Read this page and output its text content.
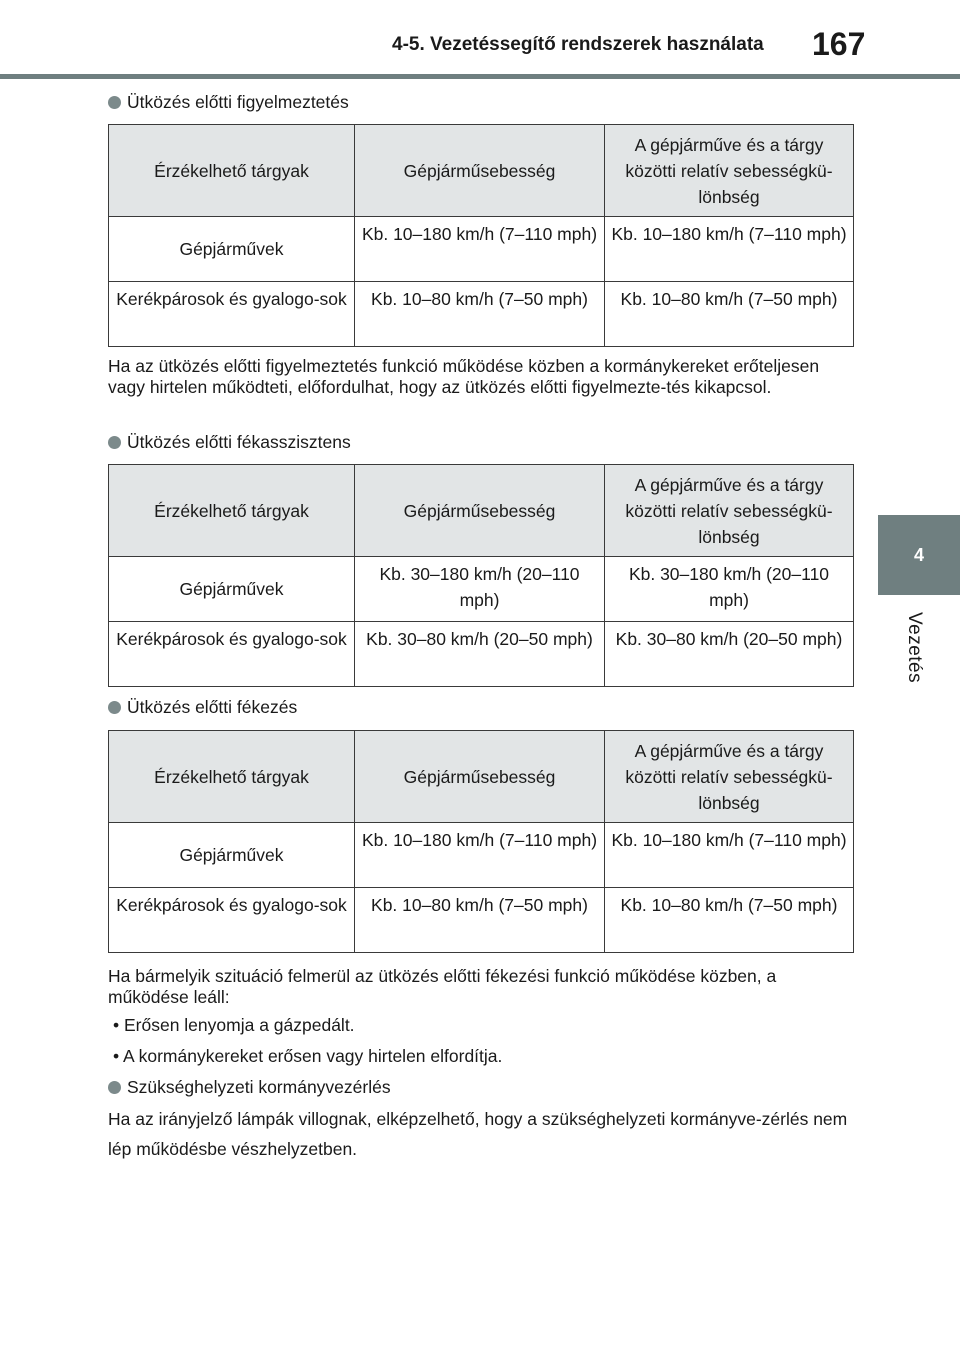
4-5. Vezetéssegítő rendszerek használata	167
4
Vezetés
Ütközés előtti figyelmeztetés
Érzékelhető tárgyak	Gépjárműsebesség	A gépjárműve és a tárgy közötti relatív sebességkü-lönbség
Gépjárművek	Kb. 10–180 km/h (7–110 mph)	Kb. 10–180 km/h (7–110 mph)
Kerékpárosok és gyalogo-sok	Kb. 10–80 km/h (7–50 mph)	Kb. 10–80 km/h (7–50 mph)
Ha az ütközés előtti figyelmeztetés funkció működése közben a kormánykereket erőteljesen vagy hirtelen működteti, előfordulhat, hogy az ütközés előtti figyelmezte-tés kikapcsol.
Ütközés előtti fékasszisztens
Érzékelhető tárgyak	Gépjárműsebesség	A gépjárműve és a tárgy közötti relatív sebességkü-lönbség
Gépjárművek	Kb. 30–180 km/h (20–110 mph)	Kb. 30–180 km/h (20–110 mph)
Kerékpárosok és gyalogo-sok	Kb. 30–80 km/h (20–50 mph)	Kb. 30–80 km/h (20–50 mph)
Ütközés előtti fékezés
Érzékelhető tárgyak	Gépjárműsebesség	A gépjárműve és a tárgy közötti relatív sebességkü-lönbség
Gépjárművek	Kb. 10–180 km/h (7–110 mph)	Kb. 10–180 km/h (7–110 mph)
Kerékpárosok és gyalogo-sok	Kb. 10–80 km/h (7–50 mph)	Kb. 10–80 km/h (7–50 mph)
Ha bármelyik szituáció felmerül az ütközés előtti fékezési funkció működése közben, a működése leáll:
• Erősen lenyomja a gázpedált.
• A kormánykereket erősen vagy hirtelen elfordítja.
Szükséghelyzeti kormányvezérlés
Ha az irányjelző lámpák villognak, elképzelhető, hogy a szükséghelyzeti kormányve-zérlés nem lép működésbe vészhelyzetben.
